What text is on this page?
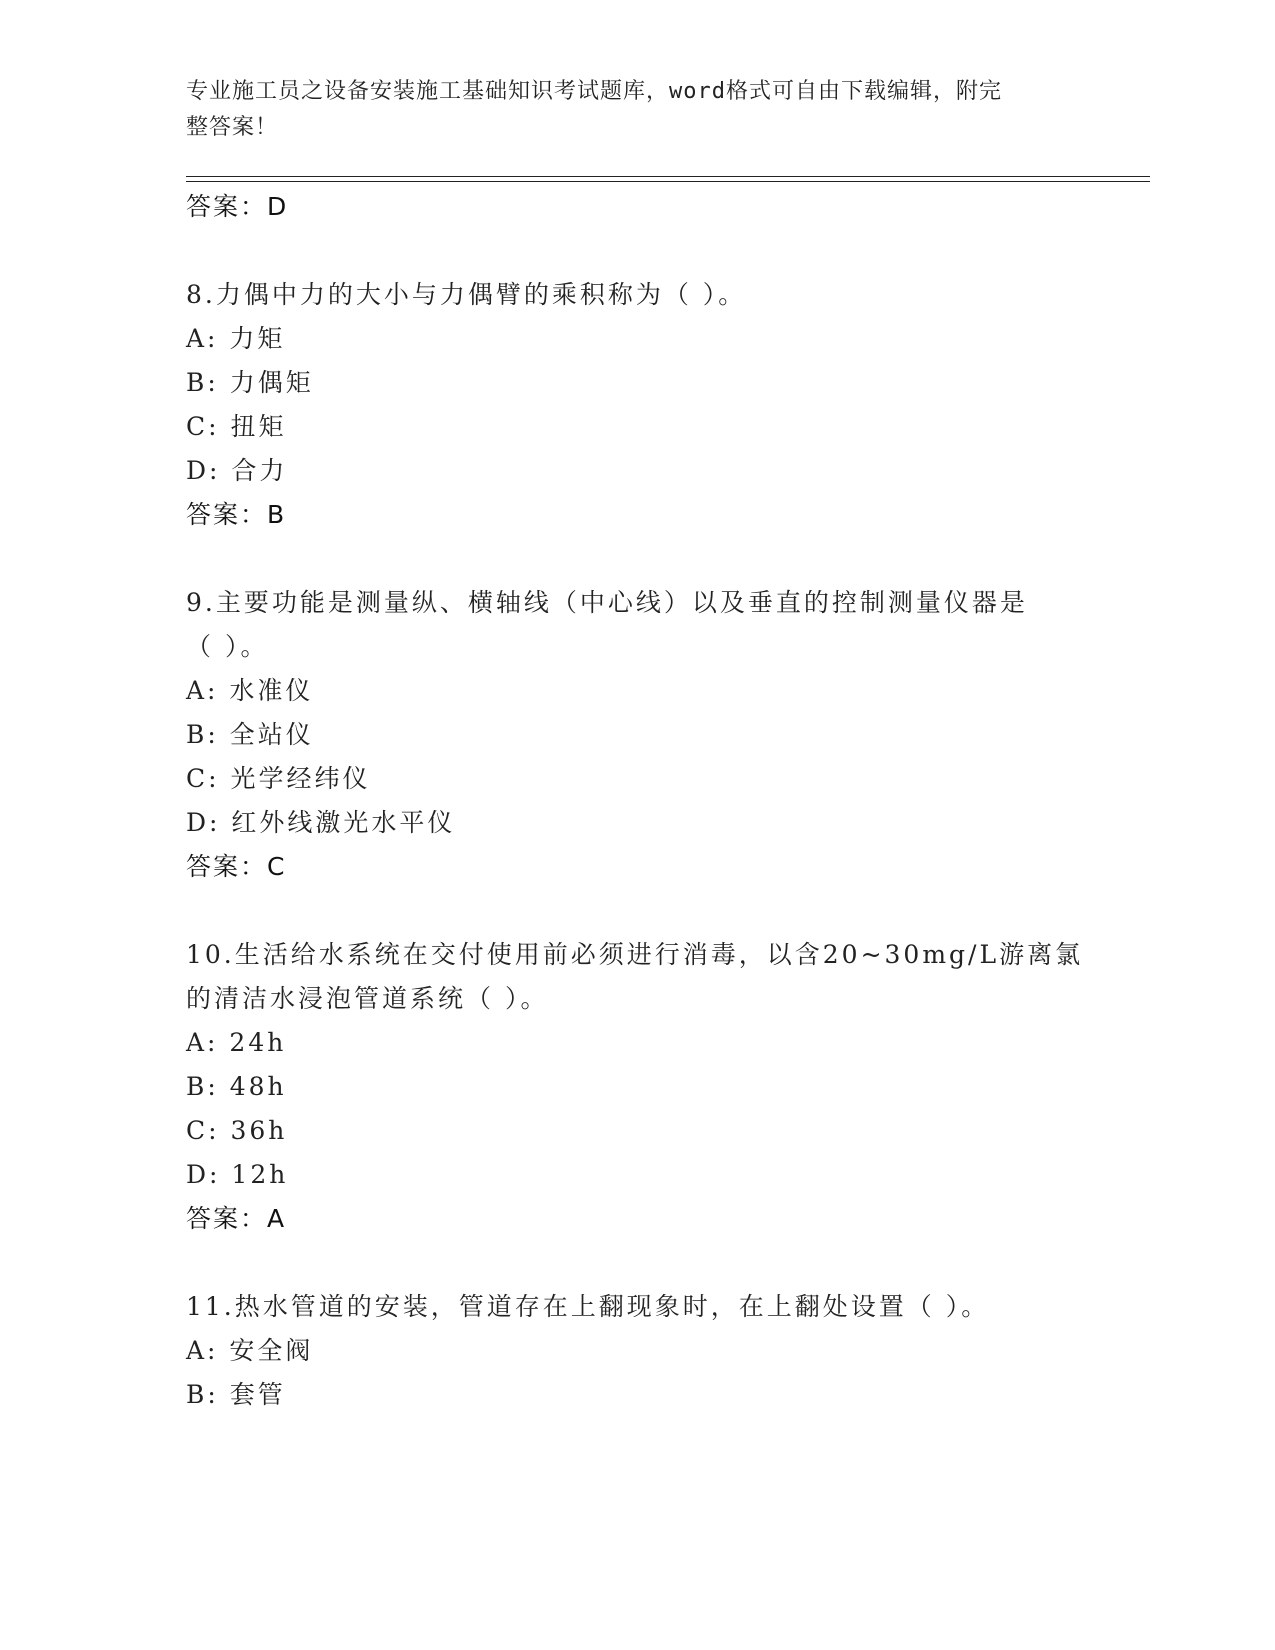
专业施工员之设备安装施工基础知识考试题库，word格式可自由下载编辑，附完
整答案！
答案：D
8.力偶中力的大小与力偶臂的乘积称为（ ）。
A: 力矩
B: 力偶矩
C: 扭矩
D: 合力
答案：B
9.主要功能是测量纵、横轴线（中心线）以及垂直的控制测量仪器是
（ ）。
A: 水准仪
B: 全站仪
C: 光学经纬仪
D: 红外线激光水平仪
答案：C
10.生活给水系统在交付使用前必须进行消毒，以含20~30mg/L游离氯
的清洁水浸泡管道系统（ ）。
A: 24h
B: 48h
C: 36h
D: 12h
答案：A
11.热水管道的安装，管道存在上翻现象时，在上翻处设置（ ）。
A: 安全阀
B: 套管
